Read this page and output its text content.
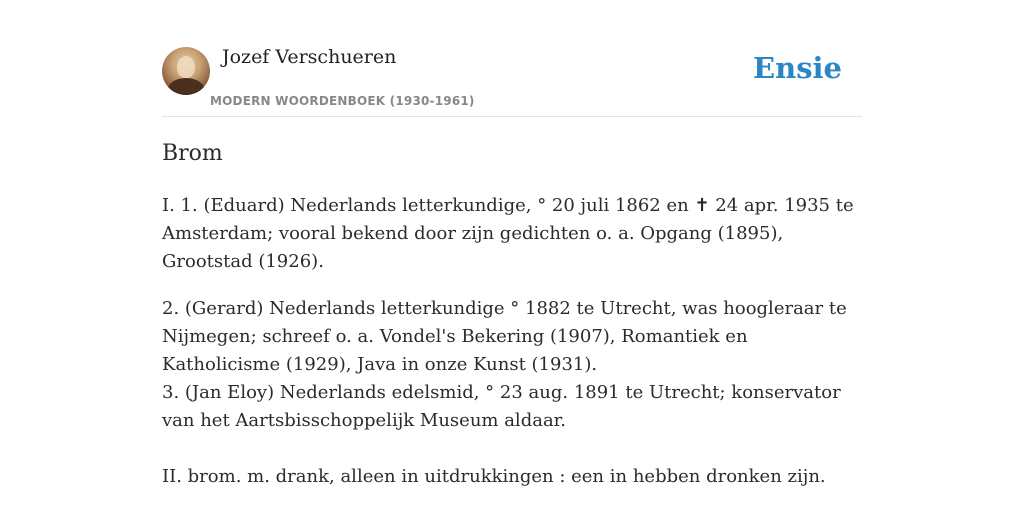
Jozef Verschueren
MODERN WOORDENBOEK (1930-1961)
Ensie
Brom

I. 1. (Eduard) Nederlands letterkundige, ° 20 juli 1862 en ✝ 24 apr. 1935 te Amsterdam; vooral bekend door zijn gedichten o. a. Opgang (1895), Grootstad (1926).

2. (Gerard) Nederlands letterkundige ° 1882 te Utrecht, was hoogleraar te Nijmegen; schreef o. a. Vondel's Bekering (1907), Romantiek en Katholicisme (1929), Java in onze Kunst (1931).

3. (Jan Eloy) Nederlands edelsmid, ° 23 aug. 1891 te Utrecht; konservator van het Aartsbisschoppelijk Museum aldaar.

II. brom. m. drank, alleen in uitdrukkingen : een in hebben dronken zijn.
